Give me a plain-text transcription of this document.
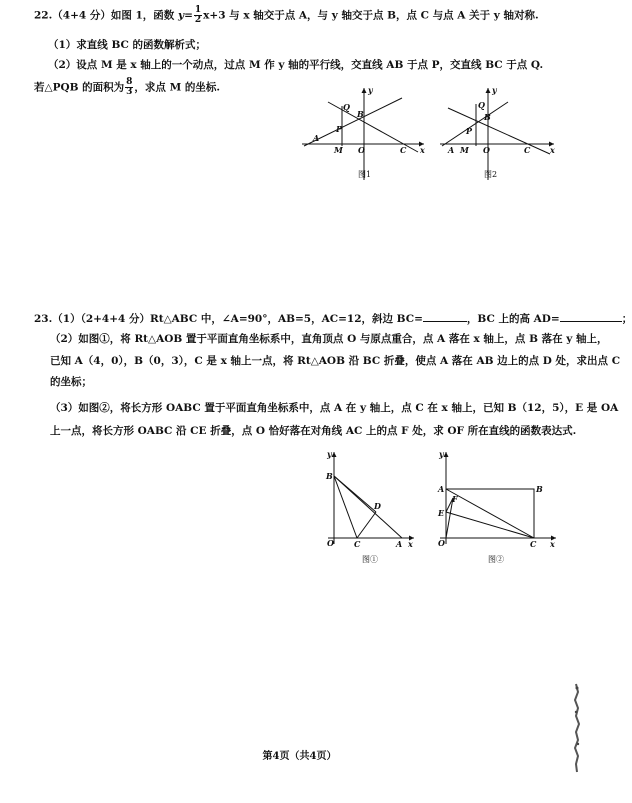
22.（4+4 分）如图 1，函数 $y= \frac{1}{2} x+3$ 与 x 轴交于点 A，与 y 轴交于点 B，点 C 与点 A 关于 y 轴对称.
（1）求直线 BC 的函数解析式；
（2）设点 M 是 x 轴上的一个动点，过点 M 作 y 轴的平行线，交直线 AB 于点 P，交直线 BC 于点 Q.
若△PQB 的面积为 $\frac{8}{3}$ ，求点 M 的坐标.	y
Q
B
P
A
M O	C x
图1
y
Q
B
P
A M O	C x
图2
23.（1）（2+4+4 分）Rt△ABC 中，∠A=90°，AB=5，AC=12，斜边 BC=	，BC 上的高 AD=	；
（2）如图①，将 Rt△AOB 置于平面直角坐标系中，直角顶点 O 与原点重合，点 A 落在 x 轴上，点 B 落在 y 轴上，
已知 A（4，0），B（0，3），C 是 x 轴上一点，将 Rt△AOB 沿 BC 折叠，使点 A 落在 AB 边上的点 D 处，求出点 C
的坐标；
（3）如图②，将长方形 OABC 置于平面直角坐标系中，点 A 在 y 轴上，点 C 在 x 轴上，已知 B（12，5），E 是 OA
上一点，将长方形 OABC 沿 CE 折叠，点 O 恰好落在对角线 AC 上的点 F 处，求 OF 所在直线的函数表达式.
y
B
D
O	C	A x
图①
y
A	B
F
E
O	C x
图②
第4页（共4页）
